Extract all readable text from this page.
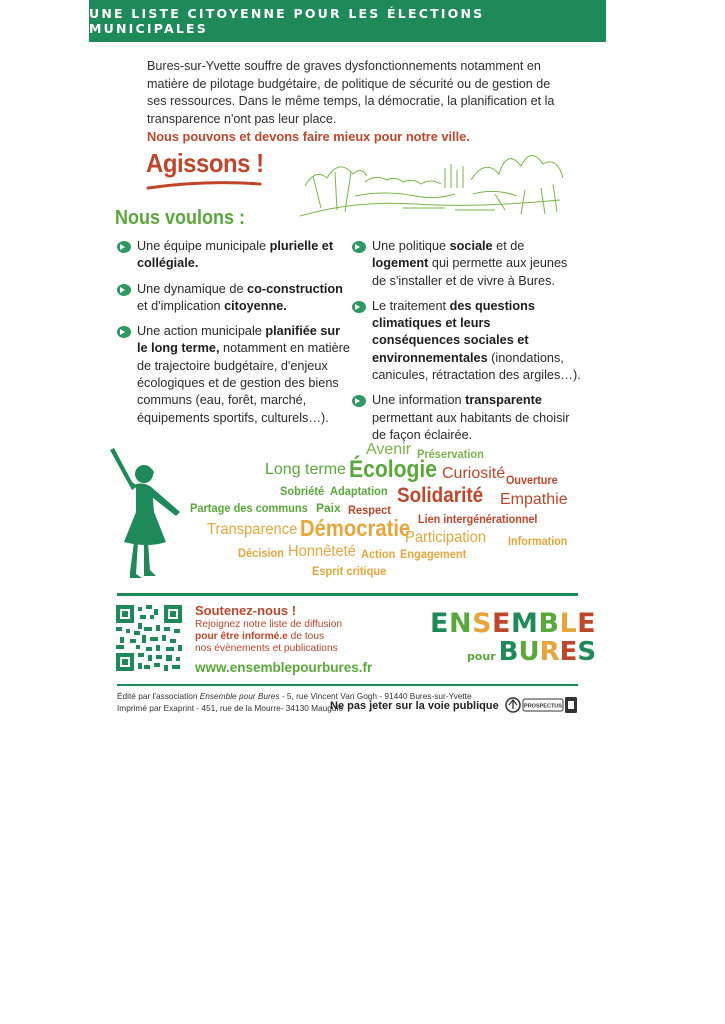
UNE LISTE CITOYENNE POUR LES ÉLECTIONS MUNICIPALES
Bures-sur-Yvette souffre de graves dysfonctionnements notamment en matière de pilotage budgétaire, de politique de sécurité ou de gestion de ses ressources. Dans le même temps, la démocratie, la planification et la transparence n'ont pas leur place.
Nous pouvons et devons faire mieux pour notre ville.
Agissons !
Nous voulons :
Une équipe municipale plurielle et collégiale.
Une dynamique de co-construction et d'implication citoyenne.
Une action municipale planifiée sur le long terme, notamment en matière de trajectoire budgétaire, d'enjeux écologiques et de gestion des biens communs (eau, forêt, marché, équipements sportifs, culturels…).
Une politique sociale et de logement qui permette aux jeunes de s'installer et de vivre à Bures.
Le traitement des questions climatiques et leurs conséquences sociales et environnementales (inondations, canicules, rétractation des argiles…).
Une information transparente permettant aux habitants de choisir de façon éclairée.
Avenir Préservation
Long terme Écologie Curiosité Ouverture
Sobriété Adaptation Solidarité Empathie
Partage des communs Paix Respect
Lien intergénérationnel
Transparence Démocratie
Participation Information
Décision Honnêteté Action Engagement
Esprit critique
Soutenez-nous !
Rejoignez notre liste de diffusion
pour être informé.e de tous
nos évènements et publications
www.ensemblepourbures.fr
ENSEMBLE
pour BURES
Édité par l'association Ensemble pour Bures - 5, rue Vincent Van Gogh - 91440 Bures-sur-Yvette
Imprimé par Exaprint - 451, rue de la Mourre- 34130 Mauguio
Ne pas jeter sur la voie publique	PROSPECTUS
